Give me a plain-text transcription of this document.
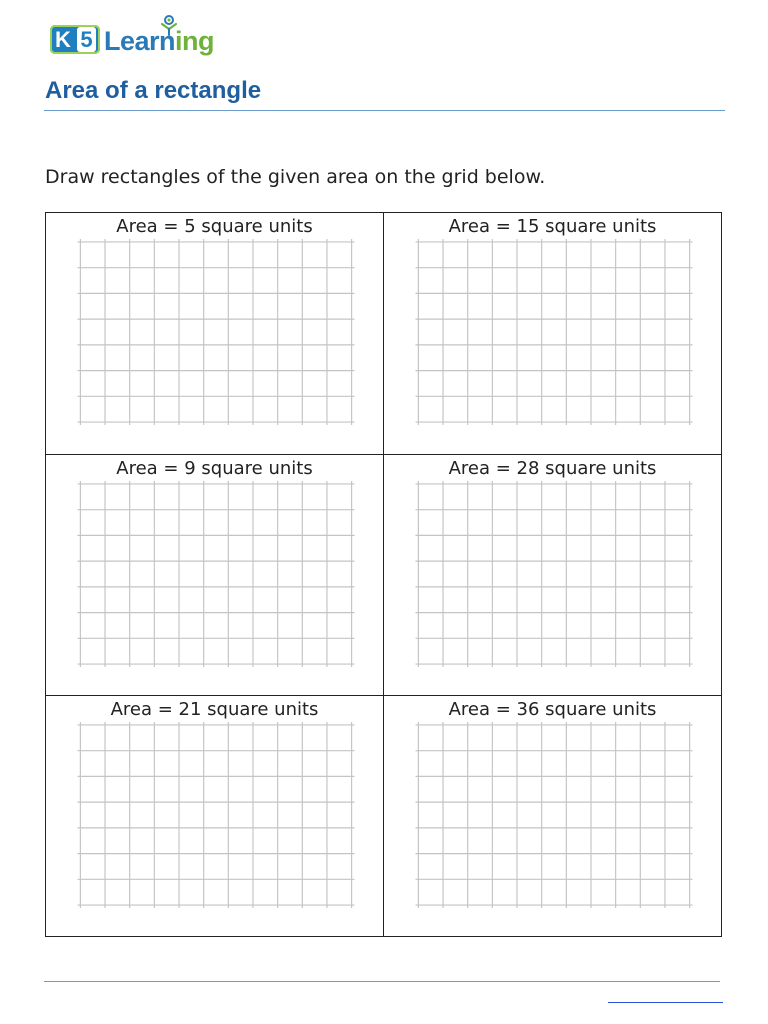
K 5 Learning
Area of a rectangle

Draw rectangles of the given area on the grid below.

Area = 5 square units	Area = 15 square units

Area = 9 square units	Area = 28 square units

Area = 21 square units	Area = 36 square units
